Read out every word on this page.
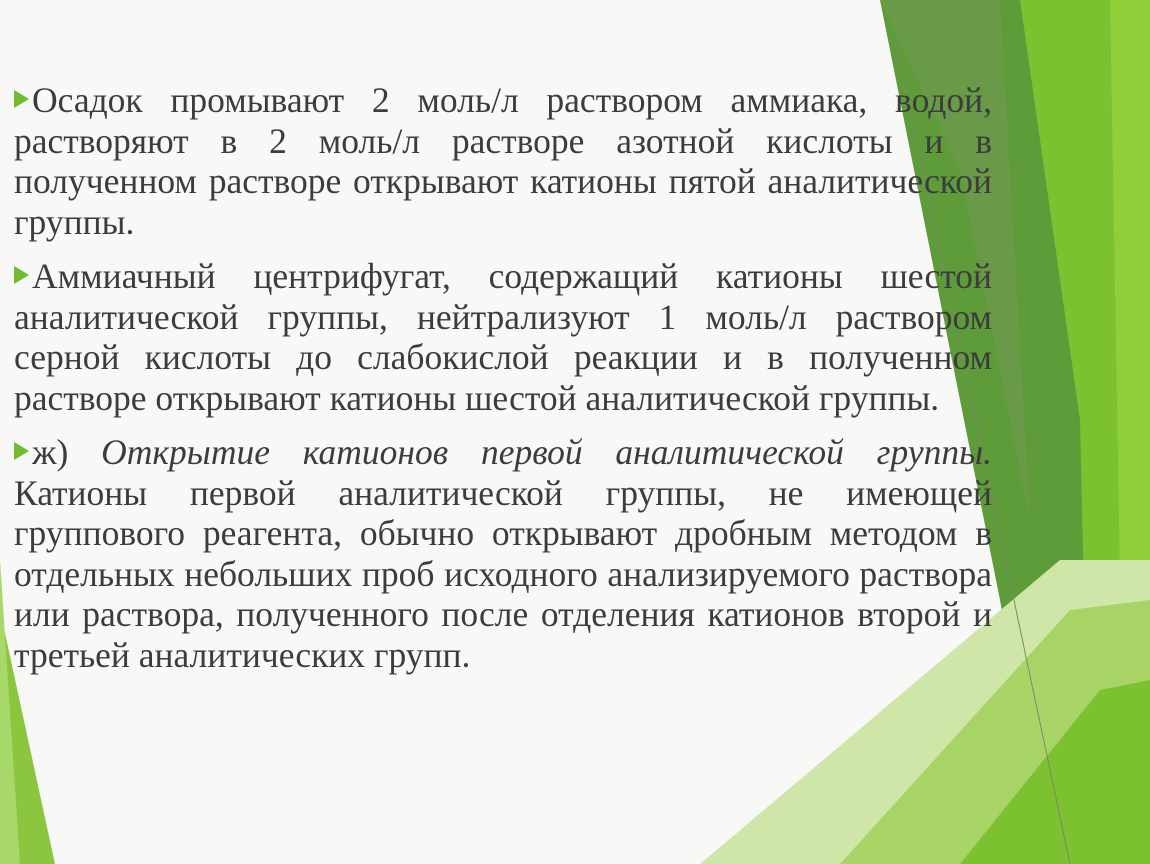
Осадок промывают 2 моль/л раствором аммиака, водой, растворяют в 2 моль/л растворе азотной кислоты и в полученном растворе открывают катионы пятой аналитической группы.

Аммиачный центрифугат, содержащий катионы шестой аналитической группы, нейтрализуют 1 моль/л раствором серной кислоты до слабокислой реакции и в полученном растворе открывают катионы шестой аналитической группы.

ж) Открытие катионов первой аналитической группы. Катионы первой аналитической группы, не имеющей группового реагента, обычно открывают дробным методом в отдельных небольших проб исходного анализируемого раствора или раствора, полученного после отделения катионов второй и третьей аналитических групп.
